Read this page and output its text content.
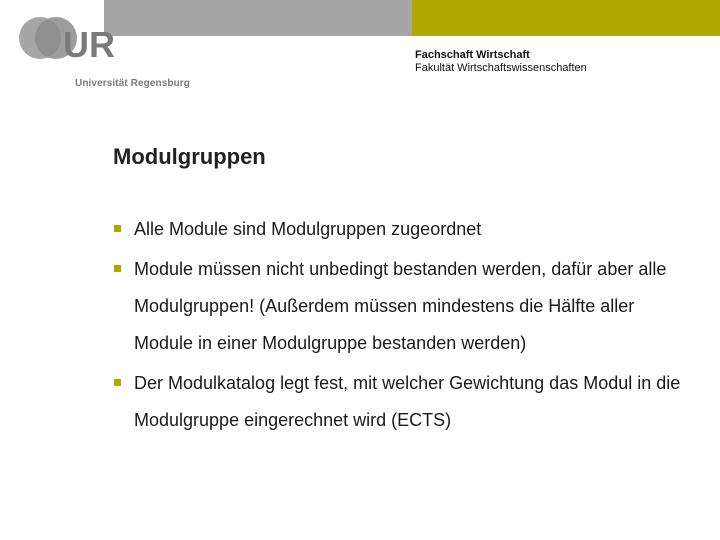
UR
Universität Regensburg
Fachschaft Wirtschaft
Fakultät Wirtschaftswissenschaften
Modulgruppen
Alle Module sind Modulgruppen zugeordnet
Module müssen nicht unbedingt bestanden werden, dafür aber alle Modulgruppen! (Außerdem müssen mindestens die Hälfte aller Module in einer Modulgruppe bestanden werden)
Der Modulkatalog legt fest, mit welcher Gewichtung das Modul in die Modulgruppe eingerechnet wird (ECTS)
